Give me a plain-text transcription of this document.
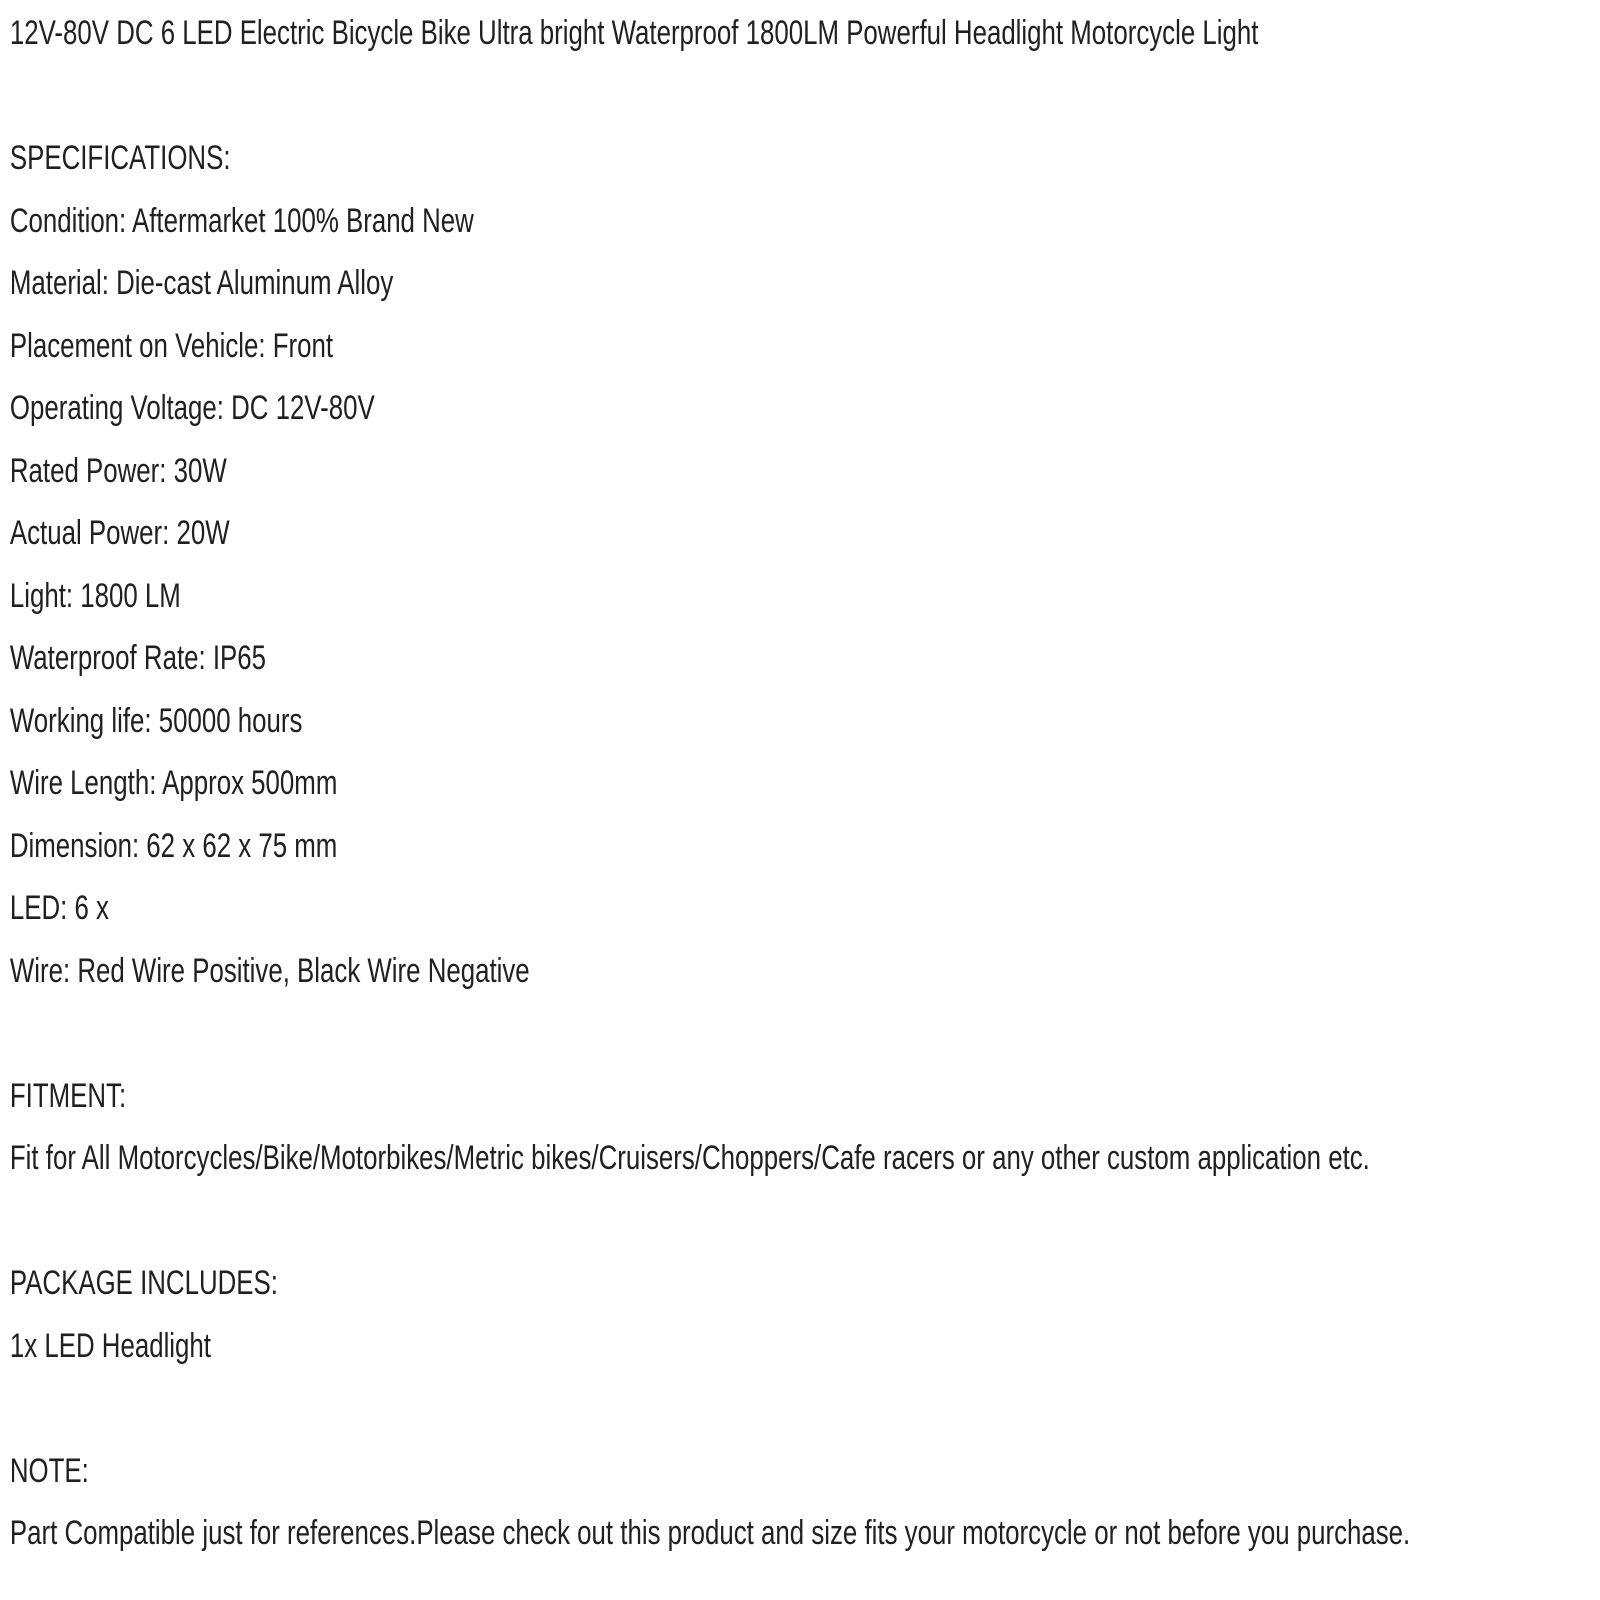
12V-80V DC 6 LED Electric Bicycle Bike Ultra bright Waterproof 1800LM Powerful Headlight Motorcycle Light

SPECIFICATIONS:

Condition: Aftermarket 100% Brand New

Material: Die-cast Aluminum Alloy

Placement on Vehicle: Front

Operating Voltage: DC 12V-80V

Rated Power: 30W

Actual Power: 20W

Light: 1800 LM

Waterproof Rate: IP65

Working life: 50000 hours

Wire Length: Approx 500mm

Dimension: 62 x 62 x 75 mm

LED: 6 x

Wire: Red Wire Positive, Black Wire Negative

FITMENT:

Fit for All Motorcycles/Bike/Motorbikes/Metric bikes/Cruisers/Choppers/Cafe racers or any other custom application etc.

PACKAGE INCLUDES:

1x LED Headlight

NOTE:

Part Compatible just for references.Please check out this product and size fits your motorcycle or not before you purchase.
